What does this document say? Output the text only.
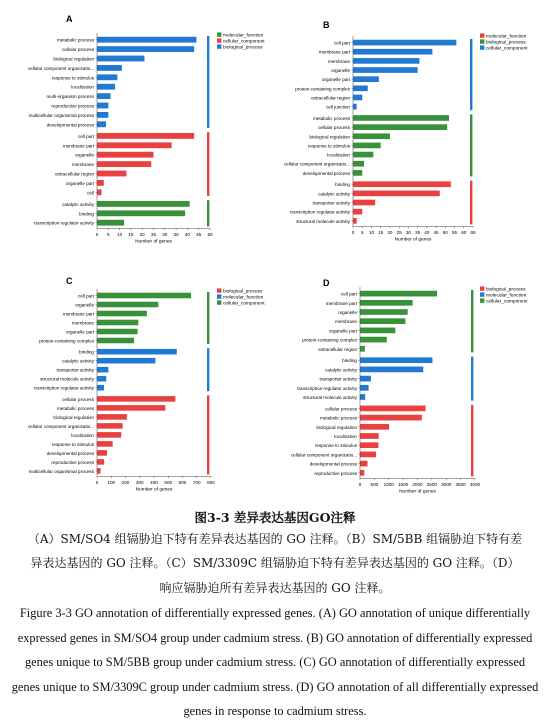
A
metabolic process
cellular process
biological regulation
cellular component organizatio...
response to stimulus
localization
multi-organism process
reproductive process
multicellular organismal process
developmental process
cell part
membrane part
organelle
membrane
extracellular region
organelle part
cell
catalytic activity
binding
transcription regulator activity
0 5 10 15 20 25 30 35 40 45 50
Number of genes
molecular_function
cellular_component
biological_process
B
cell part
membrane part
membrane
organelle
organelle part
protein-containing complex
extracellular region
cell junction
metabolic process
cellular process
biological regulation
response to stimulus
localization
cellular component organizatio...
developmental process
binding
catalytic activity
transporter activity
transcription regulator activity
structural molecule activity
0 5 10 15 20 25 30 35 40 45 50 55 60 65
Number of genes
molecular_function
biological_process
cellular_component
C
cell part
organelle
membrane part
membrane
organelle part
protein-containing complex
binding
catalytic activity
transporter activity
structural molecule activity
transcription regulator activity
cellular process
metabolic process
biological regulation
cellular component organizatio...
localization
response to stimulus
developmental process
reproductive process
multicellular organismal process
0 100 200 300 400 500 600 700 800
Number of genes
biological_process
molecular_function
cellular_component
D
cell part
membrane part
organelle
membrane
organelle part
protein-containing complex
extracellular region
binding
catalytic activity
transporter activity
transcription regulator activity
structural molecule activity
cellular process
metabolic process
biological regulation
localization
response to stimulus
cellular component organizatio...
developmental process
reproductive process
0 500 1000 1500 2000 2500 3000 3500 4000
Number of genes
biological_process
molecular_function
cellular_component
图3-3 差异表达基因GO注释
（A）SM/SO4 组镉胁迫下特有差异表达基因的 GO 注释。（B）SM/5BB 组镉胁迫下特有差
异表达基因的 GO 注释。（C）SM/3309C 组镉胁迫下特有差异表达基因的 GO 注释。（D）
响应镉胁迫所有差异表达基因的 GO 注释。
Figure 3-3 GO annotation of differentially expressed genes. (A) GO annotation of unique differentially expressed genes in SM/SO4 group under cadmium stress. (B) GO annotation of differentially expressed genes unique to SM/5BB group under cadmium stress. (C) GO annotation of differentially expressed genes unique to SM/3309C group under cadmium stress. (D) GO annotation of all differentially expressed genes in response to cadmium stress.
